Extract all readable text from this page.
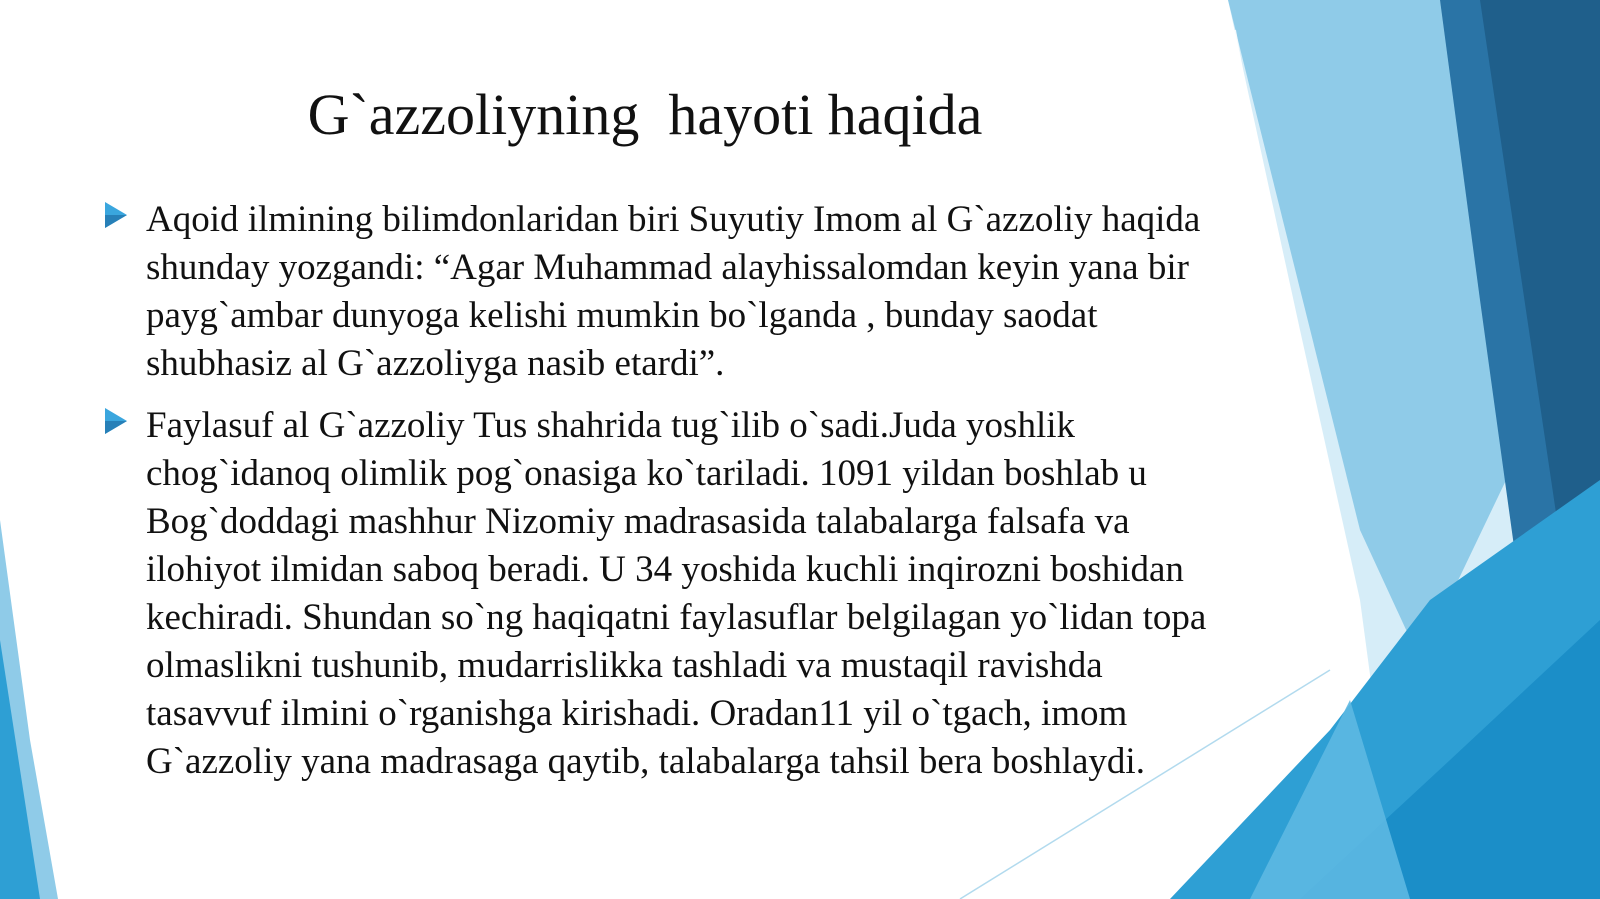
G`azzoliyning  hayoti haqida
Aqoid ilmining bilimdonlaridan biri Suyutiy Imom al G`azzoliy haqida shunday yozgandi: “Agar Muhammad alayhissalomdan keyin yana bir payg`ambar dunyoga kelishi mumkin bo`lganda , bunday saodat shubhasiz al G`azzoliyga nasib etardi”.
Faylasuf al G`azzoliy Tus shahrida tug`ilib o`sadi.Juda yoshlik chog`idanoq olimlik pog`onasiga ko`tariladi. 1091 yildan boshlab u Bog`doddagi mashhur Nizomiy madrasasida talabalarga falsafa va ilohiyot ilmidan saboq beradi. U 34 yoshida kuchli inqirozni boshidan kechiradi. Shundan so`ng haqiqatni faylasuflar belgilagan yo`lidan topa olmaslikni tushunib, mudarrislikka tashladi va mustaqil ravishda tasavvuf ilmini o`rganishga kirishadi. Oradan11 yil o`tgach, imom G`azzoliy yana madrasaga qaytib, talabalarga tahsil bera boshlaydi.
